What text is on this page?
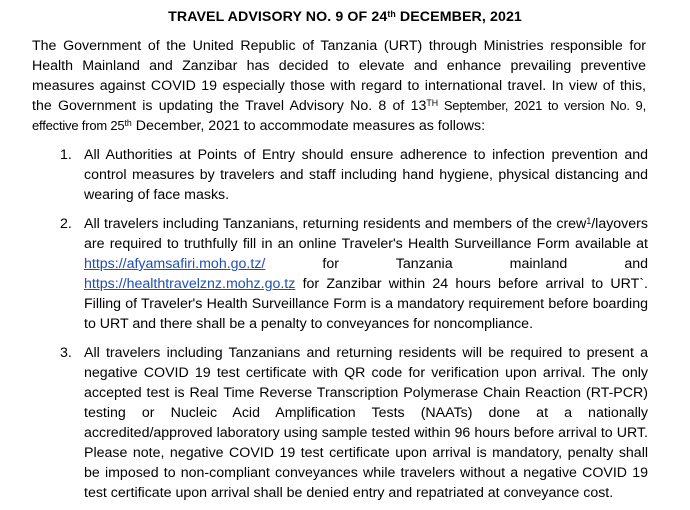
TRAVEL ADVISORY NO. 9 OF 24th DECEMBER, 2021

The Government of the United Republic of Tanzania (URT) through Ministries responsible for Health Mainland and Zanzibar has decided to elevate and enhance prevailing preventive measures against COVID 19 especially those with regard to international travel. In view of this, the Government is updating the Travel Advisory No. 8 of 13TH September, 2021 to version No. 9, effective from 25th December, 2021 to accommodate measures as follows:

1. All Authorities at Points of Entry should ensure adherence to infection prevention and control measures by travelers and staff including hand hygiene, physical distancing and wearing of face masks.
2. All travelers including Tanzanians, returning residents and members of the crew$^1$/layovers are required to truthfully fill in an online Traveler's Health Surveillance Form available at https://afyamsafiri.moh.go.tz/ for Tanzania mainland and https://healthtravelznz.mohz.go.tz for Zanzibar within 24 hours before arrival to URT`. Filling of Traveler's Health Surveillance Form is a mandatory requirement before boarding to URT and there shall be a penalty to conveyances for noncompliance.
3. All travelers including Tanzanians and returning residents will be required to present a negative COVID 19 test certificate with QR code for verification upon arrival. The only accepted test is Real Time Reverse Transcription Polymerase Chain Reaction (RT-PCR) testing or Nucleic Acid Amplification Tests (NAATs) done at a nationally accredited/approved laboratory using sample tested within 96 hours before arrival to URT. Please note, negative COVID 19 test certificate upon arrival is mandatory, penalty shall be imposed to non-compliant conveyances while travelers without a negative COVID 19 test certificate upon arrival shall be denied entry and repatriated at conveyance cost.
